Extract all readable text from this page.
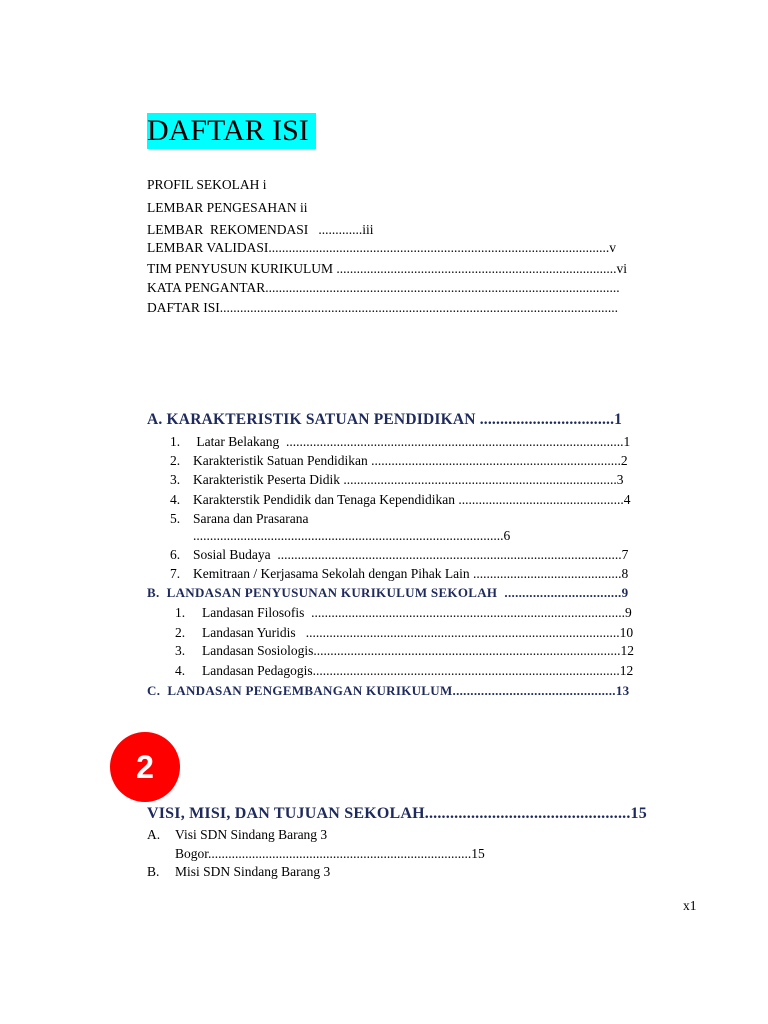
DAFTAR ISI
PROFIL SEKOLAH i
LEMBAR PENGESAHAN ii
LEMBAR  REKOMENDASI   .............iii
LEMBAR VALIDASI.....................................................................................................v
TIM PENYUSUN KURIKULUM ...................................................................................vi
KATA PENGANTAR.........................................................................................................
DAFTAR ISI......................................................................................................................
A. KARAKTERISTIK SATUAN PENDIDIKAN .................................1
1. Latar Belakang  ....................................................................................................1
2. Karakteristik Satuan Pendidikan ..........................................................................2
3. Karakteristik Peserta Didik .................................................................................3
4. Karakterstik Pendidik dan Tenaga Kependidikan .................................................4
5. Sarana dan Prasarana
............................................................................................6
6. Sosial Budaya  ......................................................................................................7
7. Kemitraan / Kerjasama Sekolah dengan Pihak Lain ............................................8
B.  LANDASAN PENYUSUNAN KURIKULUM SEKOLAH  .................................9
1. Landasan Filosofis  .............................................................................................9
2. Landasan Yuridis   .............................................................................................10
3. Landasan Sosiologis...........................................................................................12
4. Landasan Pedagogis...........................................................................................12
C.  LANDASAN PENGEMBANGAN KURIKULUM..............................................13
2
VISI, MISI, DAN TUJUAN SEKOLAH.................................................15
A. Visi SDN Sindang Barang 3
Bogor..............................................................................15
B. Misi SDN Sindang Barang 3
x1
